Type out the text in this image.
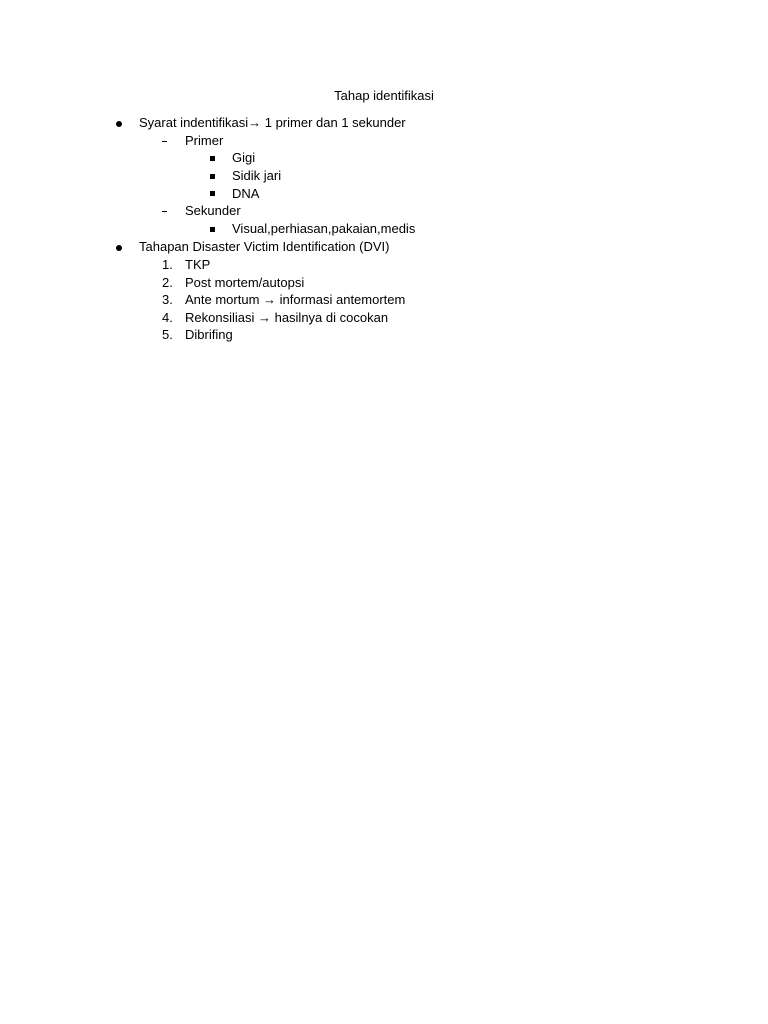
Tahap identifikasi
Syarat indentifikasi→ 1 primer dan 1 sekunder
Primer
Gigi
Sidik jari
DNA
Sekunder
Visual,perhiasan,pakaian,medis
Tahapan Disaster Victim Identification (DVI)
1. TKP
2. Post mortem/autopsi
3. Ante mortum → informasi antemortem
4. Rekonsiliasi → hasilnya di cocokan
5. Dibrifing
